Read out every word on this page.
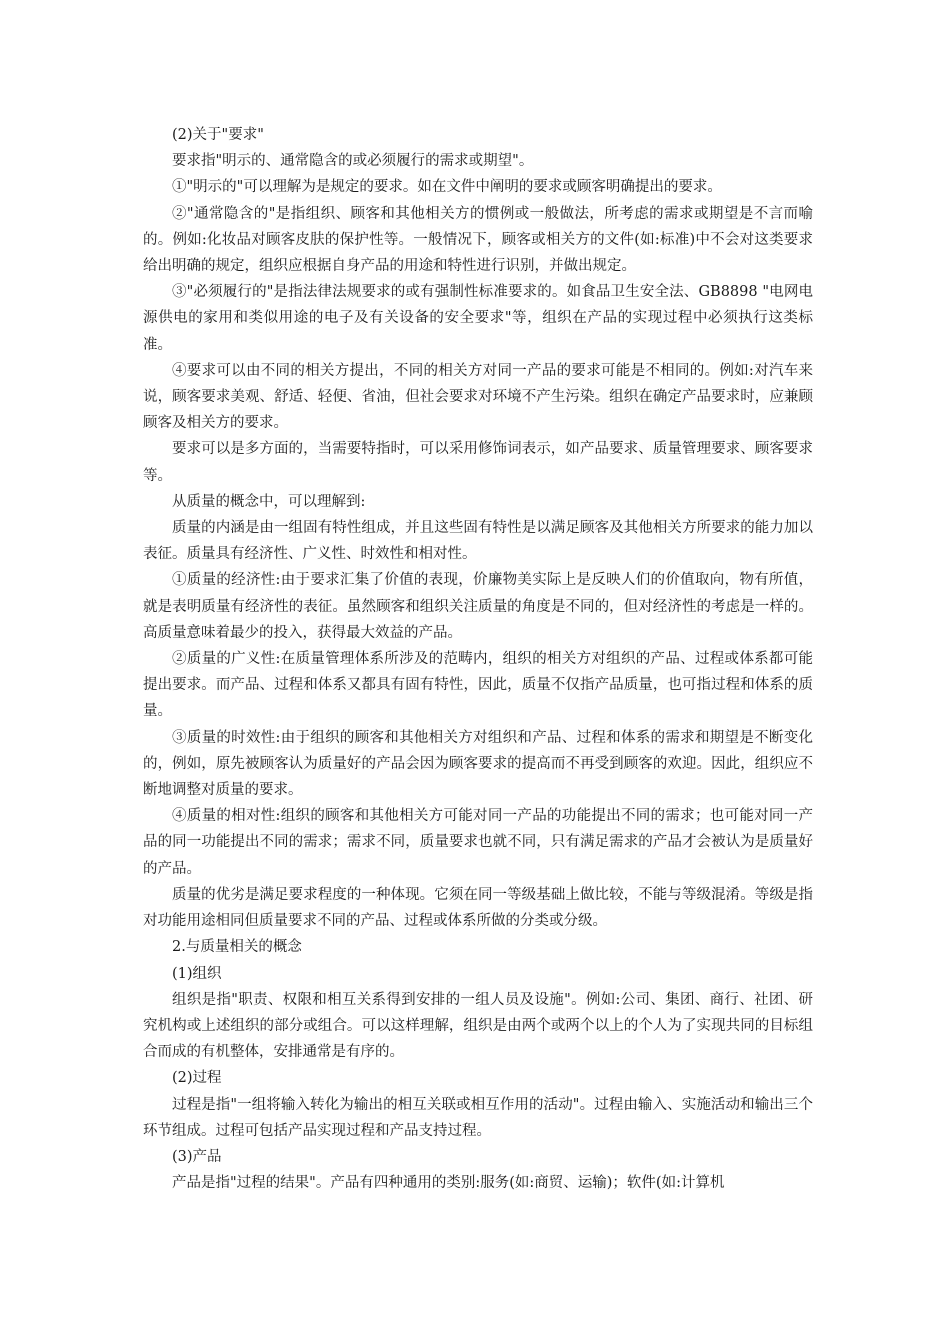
(2)关于"要求"

要求指"明示的、通常隐含的或必须履行的需求或期望"。

①"明示的"可以理解为是规定的要求。如在文件中阐明的要求或顾客明确提出的要求。

②"通常隐含的"是指组织、顾客和其他相关方的惯例或一般做法，所考虑的需求或期望是不言而喻的。例如:化妆品对顾客皮肤的保护性等。一般情况下，顾客或相关方的文件(如:标准)中不会对这类要求给出明确的规定，组织应根据自身产品的用途和特性进行识别，并做出规定。

③"必须履行的"是指法律法规要求的或有强制性标准要求的。如食品卫生安全法、GB8898 "电网电源供电的家用和类似用途的电子及有关设备的安全要求"等，组织在产品的实现过程中必须执行这类标准。

④要求可以由不同的相关方提出，不同的相关方对同一产品的要求可能是不相同的。例如:对汽车来说，顾客要求美观、舒适、轻便、省油，但社会要求对环境不产生污染。组织在确定产品要求时，应兼顾顾客及相关方的要求。

要求可以是多方面的，当需要特指时，可以采用修饰词表示，如产品要求、质量管理要求、顾客要求等。

从质量的概念中，可以理解到:

质量的内涵是由一组固有特性组成，并且这些固有特性是以满足顾客及其他相关方所要求的能力加以表征。质量具有经济性、广义性、时效性和相对性。

①质量的经济性:由于要求汇集了价值的表现，价廉物美实际上是反映人们的价值取向，物有所值，就是表明质量有经济性的表征。虽然顾客和组织关注质量的角度是不同的，但对经济性的考虑是一样的。高质量意味着最少的投入，获得最大效益的产品。

②质量的广义性:在质量管理体系所涉及的范畴内，组织的相关方对组织的产品、过程或体系都可能提出要求。而产品、过程和体系又都具有固有特性，因此，质量不仅指产品质量，也可指过程和体系的质量。

③质量的时效性:由于组织的顾客和其他相关方对组织和产品、过程和体系的需求和期望是不断变化的，例如，原先被顾客认为质量好的产品会因为顾客要求的提高而不再受到顾客的欢迎。因此，组织应不断地调整对质量的要求。

④质量的相对性:组织的顾客和其他相关方可能对同一产品的功能提出不同的需求；也可能对同一产品的同一功能提出不同的需求；需求不同，质量要求也就不同，只有满足需求的产品才会被认为是质量好的产品。

质量的优劣是满足要求程度的一种体现。它须在同一等级基础上做比较，不能与等级混淆。等级是指对功能用途相同但质量要求不同的产品、过程或体系所做的分类或分级。

2.与质量相关的概念

(1)组织

组织是指"职责、权限和相互关系得到安排的一组人员及设施"。例如:公司、集团、商行、社团、研究机构或上述组织的部分或组合。可以这样理解，组织是由两个或两个以上的个人为了实现共同的目标组合而成的有机整体，安排通常是有序的。

(2)过程

过程是指"一组将输入转化为输出的相互关联或相互作用的活动"。过程由输入、实施活动和输出三个环节组成。过程可包括产品实现过程和产品支持过程。

(3)产品

产品是指"过程的结果"。产品有四种通用的类别:服务(如:商贸、运输)；软件(如:计算机
